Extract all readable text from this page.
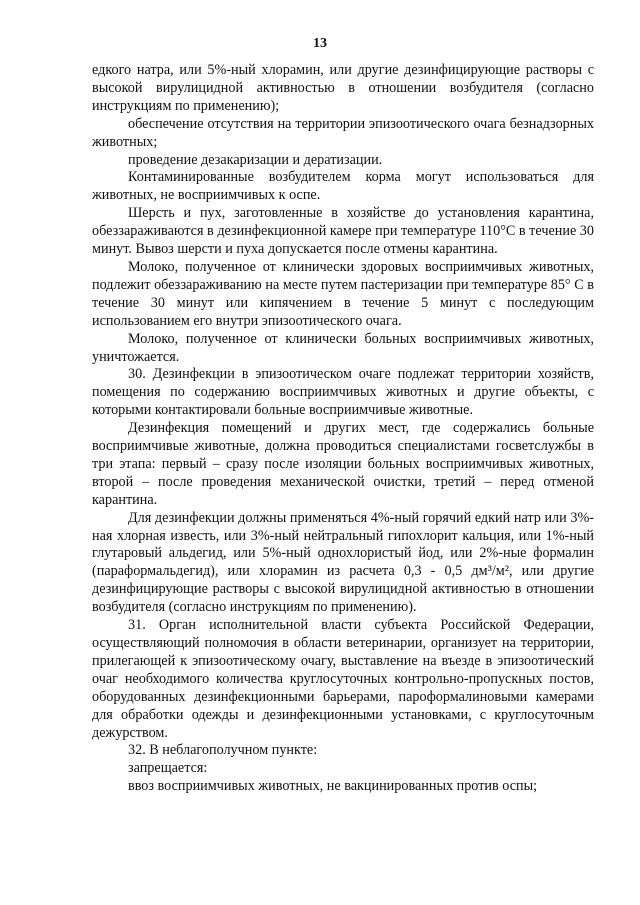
13

едкого натра, или 5%-ный хлорамин, или другие дезинфицирующие растворы с высокой вирулицидной активностью в отношении возбудителя (согласно инструкциям по применению);

обеспечение отсутствия на территории эпизоотического очага безнадзорных животных;

проведение дезакаризации и дератизации.

Контаминированные возбудителем корма могут использоваться для животных, не восприимчивых к оспе.

Шерсть и пух, заготовленные в хозяйстве до установления карантина, обеззараживаются в дезинфекционной камере при температуре 110°С в течение 30 минут. Вывоз шерсти и пуха допускается после отмены карантина.

Молоко, полученное от клинически здоровых восприимчивых животных, подлежит обеззараживанию на месте путем пастеризации при температуре 85° С в течение 30 минут или кипячением в течение 5 минут с последующим использованием его внутри эпизоотического очага.

Молоко, полученное от клинически больных восприимчивых животных, уничтожается.

30. Дезинфекции в эпизоотическом очаге подлежат территории хозяйств, помещения по содержанию восприимчивых животных и другие объекты, с которыми контактировали больные восприимчивые животные.

Дезинфекция помещений и других мест, где содержались больные восприимчивые животные, должна проводиться специалистами госветслужбы в три этапа: первый – сразу после изоляции больных восприимчивых животных, второй – после проведения механической очистки, третий – перед отменой карантина.

Для дезинфекции должны применяться 4%-ный горячий едкий натр или 3%-ная хлорная известь, или 3%-ный нейтральный гипохлорит кальция, или 1%-ный глутаровый альдегид, или 5%-ный однохлористый йод, или 2%-ные формалин (параформальдегид), или хлорамин из расчета 0,3 - 0,5 дм³/м², или другие дезинфицирующие растворы с высокой вирулицидной активностью в отношении возбудителя (согласно инструкциям по применению).

31. Орган исполнительной власти субъекта Российской Федерации, осуществляющий полномочия в области ветеринарии, организует на территории, прилегающей к эпизоотическому очагу, выставление на въезде в эпизоотический очаг необходимого количества круглосуточных контрольно-пропускных постов, оборудованных дезинфекционными барьерами, пароформалиновыми камерами для обработки одежды и дезинфекционными установками, с круглосуточным дежурством.

32. В неблагополучном пункте:

запрещается:

ввоз восприимчивых животных, не вакцинированных против оспы;
